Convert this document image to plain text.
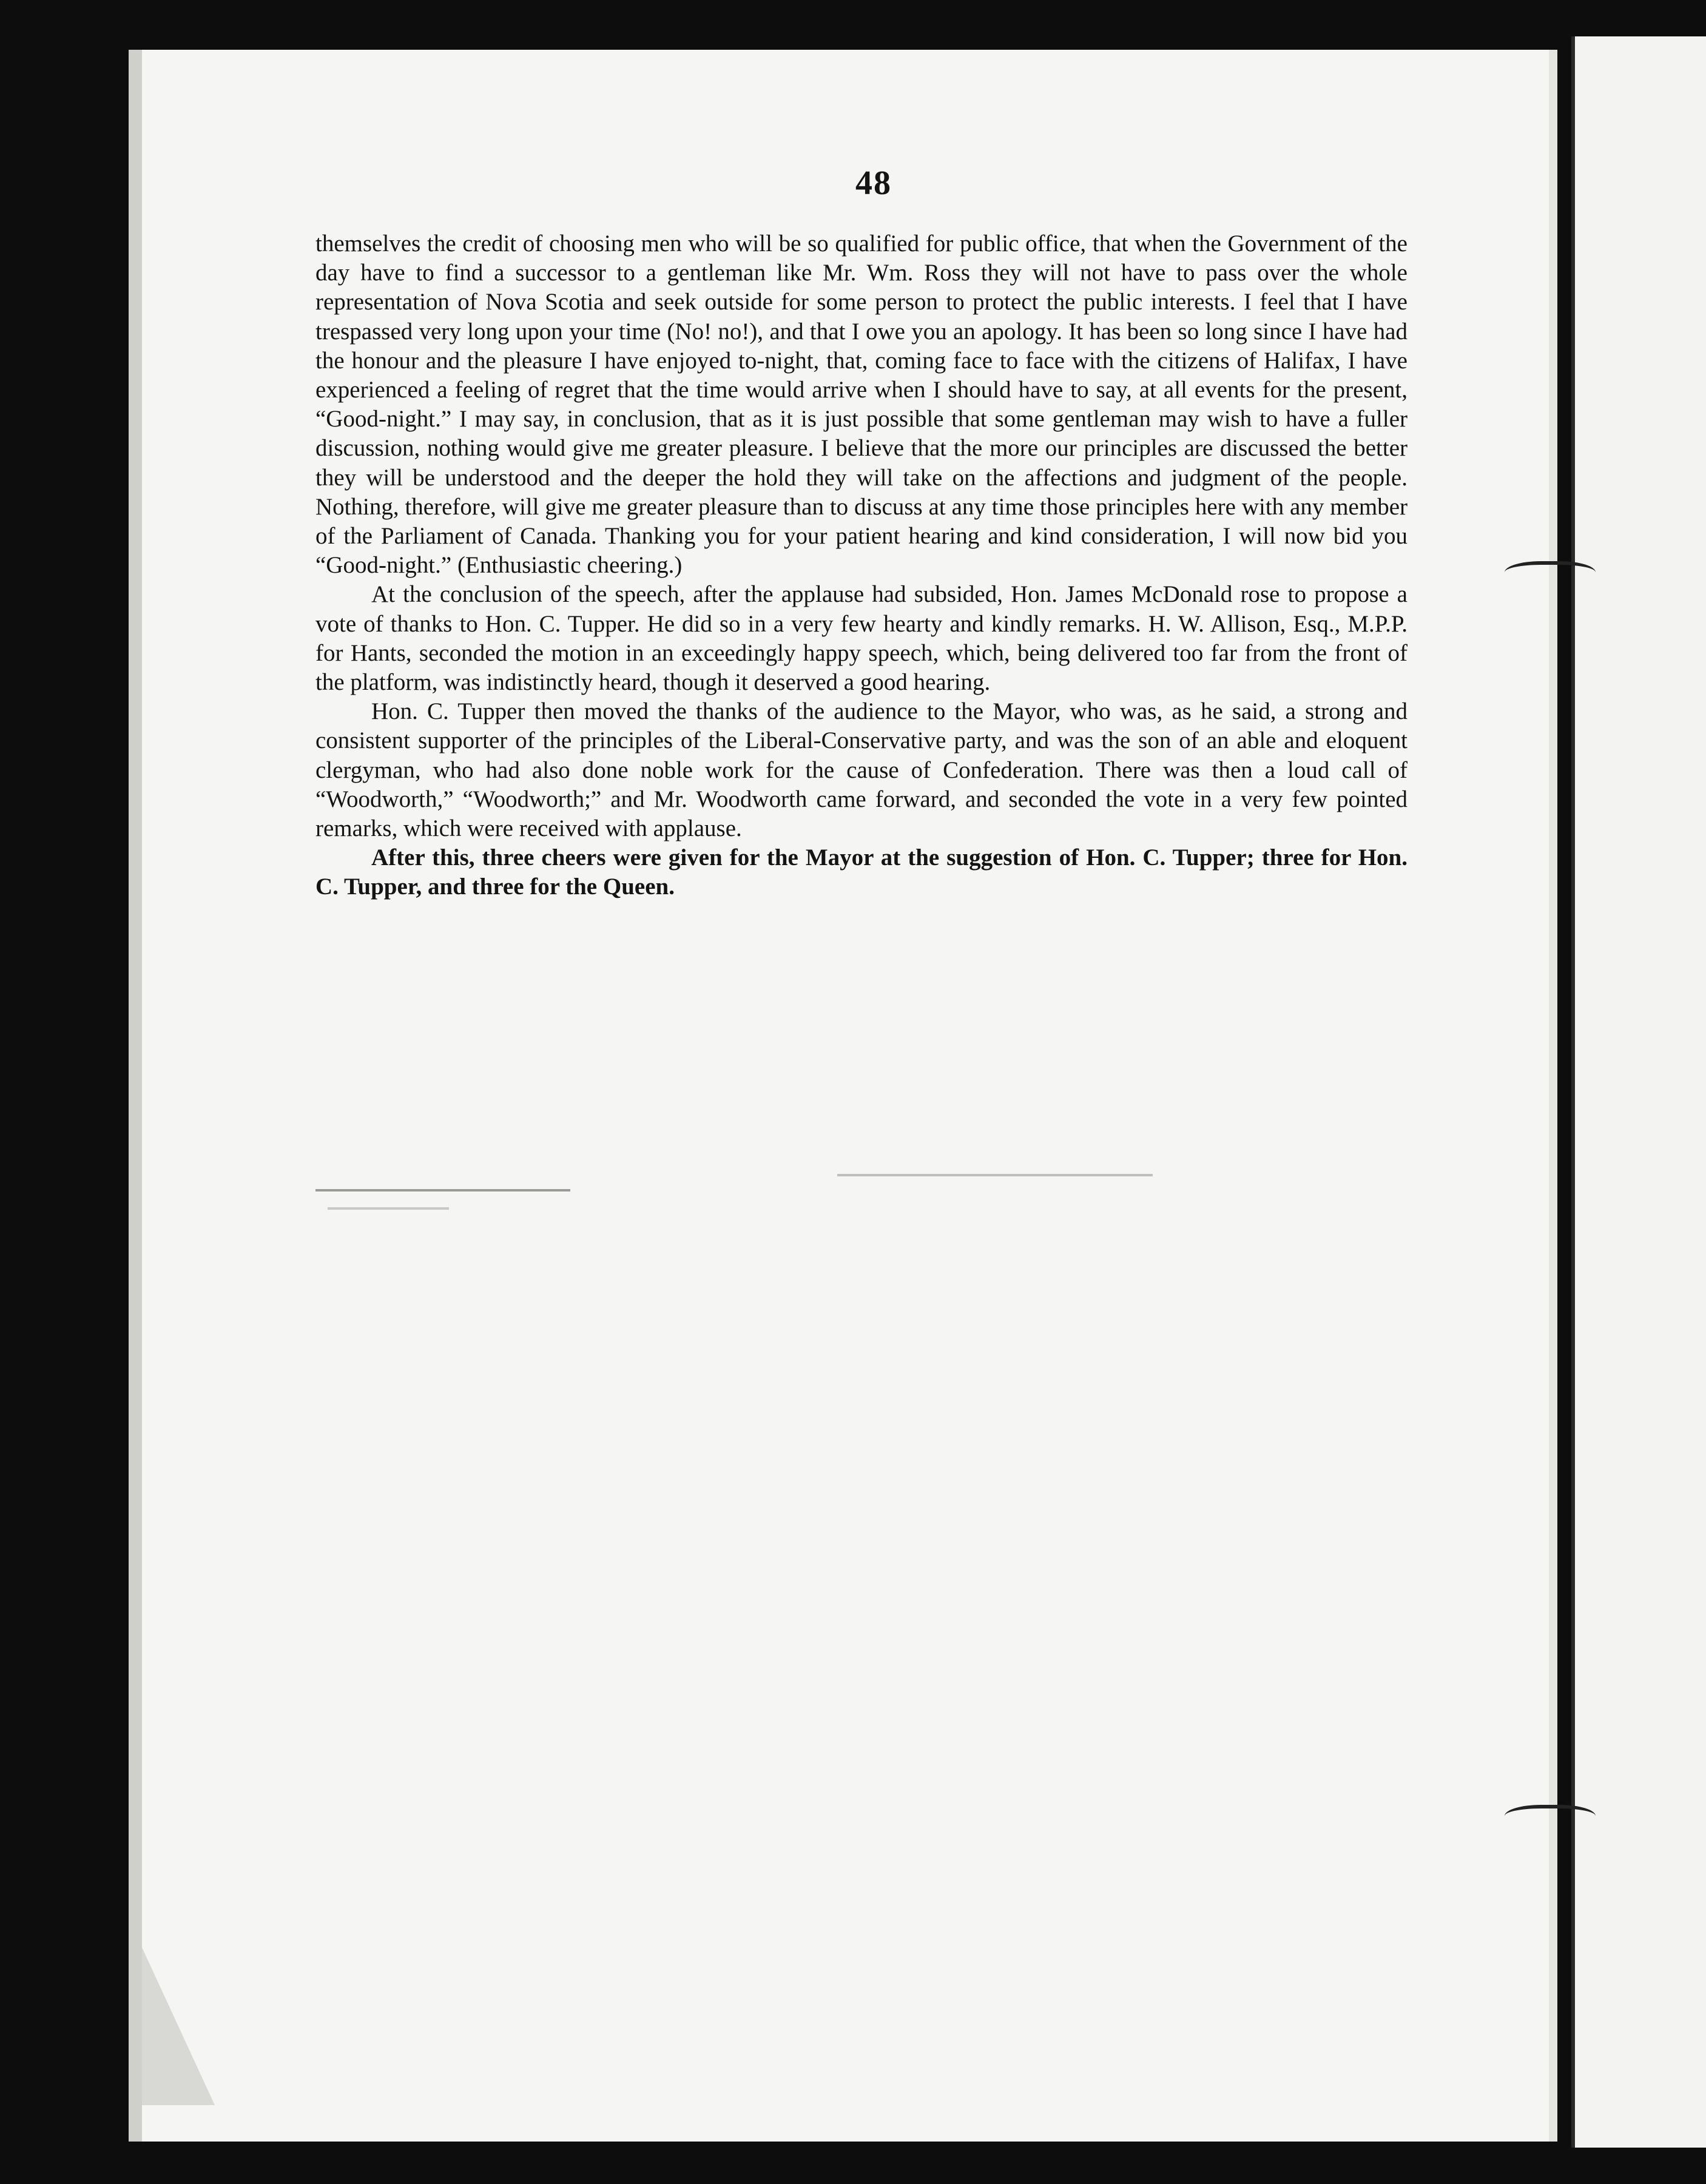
48

themselves the credit of choosing men who will be so qualified for public office, that when the Government of the day have to find a successor to a gentleman like Mr. Wm. Ross they will not have to pass over the whole representation of Nova Scotia and seek outside for some person to protect the public interests. I feel that I have trespassed very long upon your time (No! no!), and that I owe you an apology. It has been so long since I have had the honour and the pleasure I have enjoyed to-night, that, coming face to face with the citizens of Halifax, I have experienced a feeling of regret that the time would arrive when I should have to say, at all events for the present, “Good-night.” I may say, in conclusion, that as it is just possible that some gentleman may wish to have a fuller discussion, nothing would give me greater pleasure. I believe that the more our principles are discussed the better they will be understood and the deeper the hold they will take on the affections and judgment of the people. Nothing, therefore, will give me greater pleasure than to discuss at any time those principles here with any member of the Parliament of Canada. Thanking you for your patient hearing and kind consideration, I will now bid you “Good-night.” (Enthusiastic cheering.)

At the conclusion of the speech, after the applause had subsided, Hon. James McDonald rose to propose a vote of thanks to Hon. C. Tupper. He did so in a very few hearty and kindly remarks. H. W. Allison, Esq., M.P.P. for Hants, seconded the motion in an exceedingly happy speech, which, being delivered too far from the front of the platform, was indistinctly heard, though it deserved a good hearing.

Hon. C. Tupper then moved the thanks of the audience to the Mayor, who was, as he said, a strong and consistent supporter of the principles of the Liberal-Conservative party, and was the son of an able and eloquent clergyman, who had also done noble work for the cause of Confederation. There was then a loud call of “Woodworth,” “Woodworth;” and Mr. Woodworth came forward, and seconded the vote in a very few pointed remarks, which were received with applause.

After this, three cheers were given for the Mayor at the suggestion of Hon. C. Tupper; three for Hon. C. Tupper, and three for the Queen.
